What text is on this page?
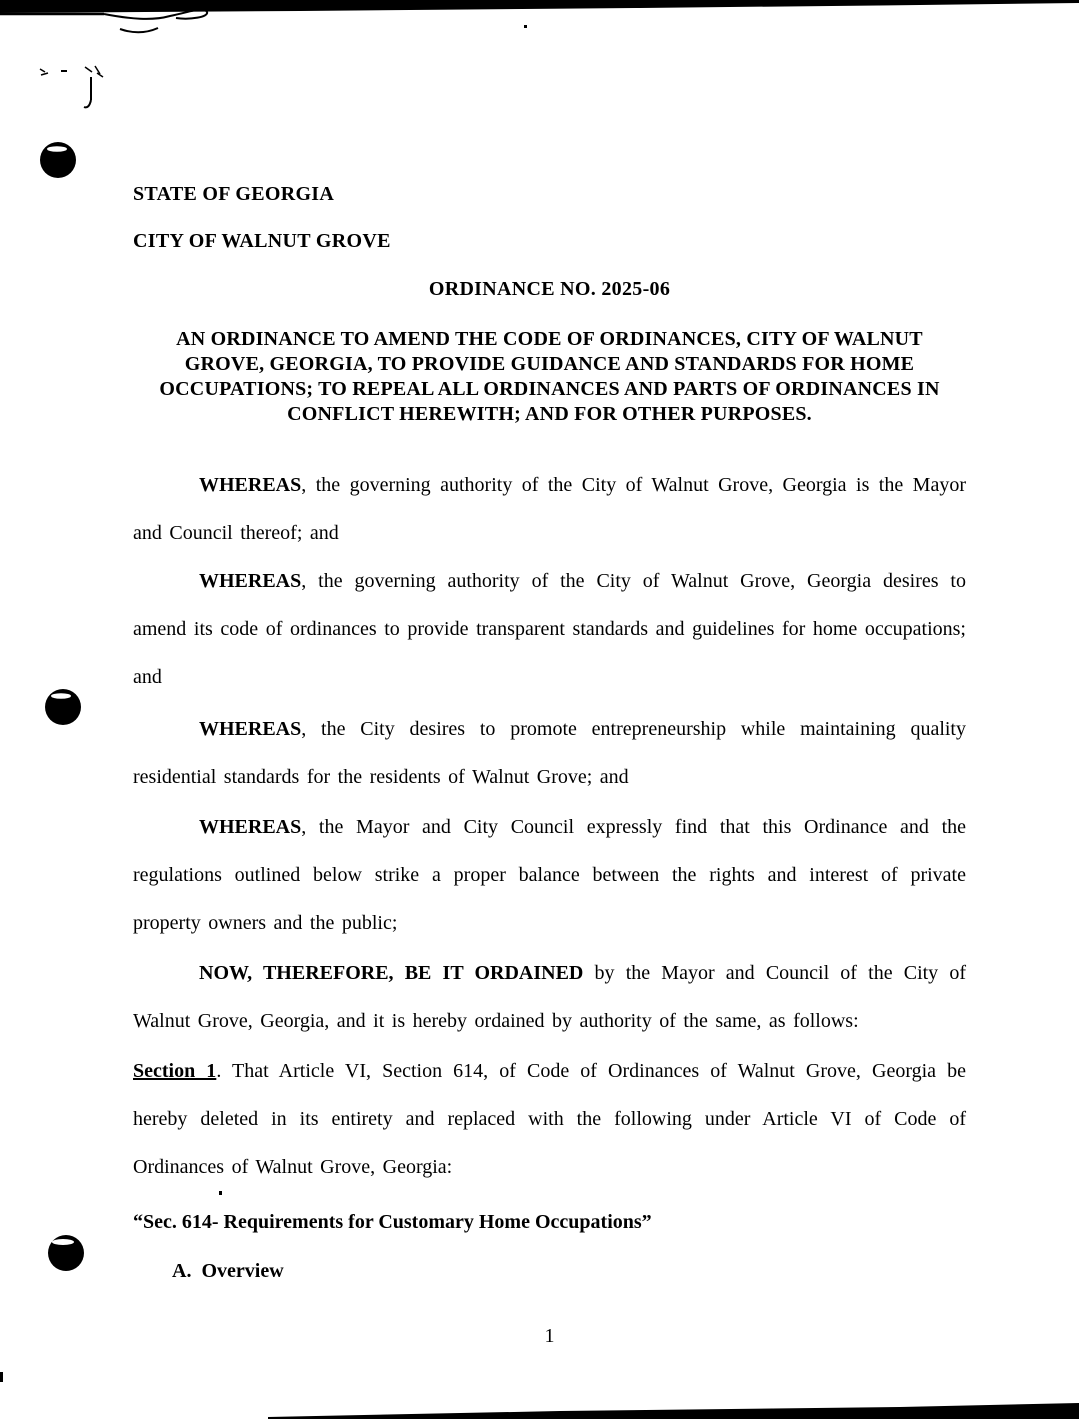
STATE OF GEORGIA
CITY OF WALNUT GROVE
ORDINANCE NO. 2025-06
AN ORDINANCE TO AMEND THE CODE OF ORDINANCES, CITY OF WALNUT
GROVE, GEORGIA, TO PROVIDE GUIDANCE AND STANDARDS FOR HOME
OCCUPATIONS; TO REPEAL ALL ORDINANCES AND PARTS OF ORDINANCES IN
CONFLICT HEREWITH; AND FOR OTHER PURPOSES.

WHEREAS, the governing authority of the City of Walnut Grove, Georgia is the Mayor and Council thereof; and

WHEREAS, the governing authority of the City of Walnut Grove, Georgia desires to amend its code of ordinances to provide transparent standards and guidelines for home occupations; and

WHEREAS, the City desires to promote entrepreneurship while maintaining quality residential standards for the residents of Walnut Grove; and

WHEREAS, the Mayor and City Council expressly find that this Ordinance and the regulations outlined below strike a proper balance between the rights and interest of private property owners and the public;

NOW, THEREFORE, BE IT ORDAINED by the Mayor and Council of the City of Walnut Grove, Georgia, and it is hereby ordained by authority of the same, as follows:

Section 1. That Article VI, Section 614, of Code of Ordinances of Walnut Grove, Georgia be hereby deleted in its entirety and replaced with the following under Article VI of Code of Ordinances of Walnut Grove, Georgia:

“Sec. 614- Requirements for Customary Home Occupations”
A. Overview
1
